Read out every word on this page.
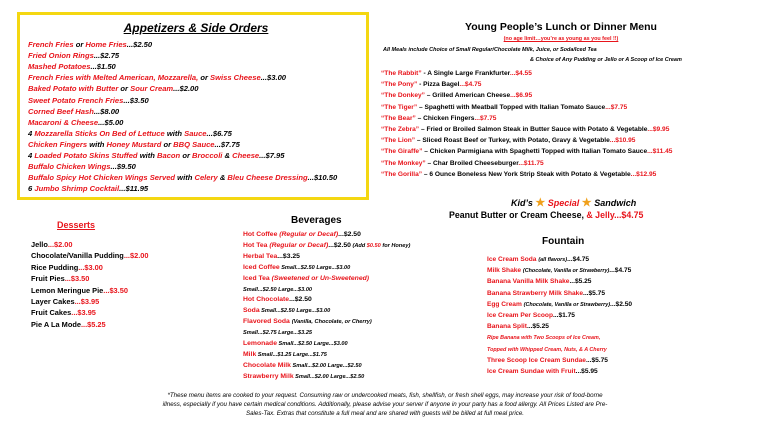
Appetizers & Side Orders
French Fries or Home Fries...$2.50
Fried Onion Rings...$2.75
Mashed Potatoes...$1.50
French Fries with Melted American, Mozzarella, or Swiss Cheese...$3.00
Baked Potato with Butter or Sour Cream...$2.00
Sweet Potato French Fries...$3.50
Corned Beef Hash...$8.00
Macaroni & Cheese...$5.00
4 Mozzarella Sticks On Bed of Lettuce with Sauce...$6.75
Chicken Fingers with Honey Mustard or BBQ Sauce...$7.75
4 Loaded Potato Skins Stuffed with Bacon or Broccoli & Cheese...$7.95
Buffalo Chicken Wings...$9.50
Buffalo Spicy Hot Chicken Wings Served with Celery & Bleu Cheese Dressing...$10.50
6 Jumbo Shrimp Cocktail...$11.95
Young People’s Lunch or Dinner Menu
(no age limit…you’re as young as you feel !!)
All Meals include Choice of Small Regular/Chocolate Milk, Juice, or Soda/Iced Tea
& Choice of Any Pudding or Jello or A Scoop of Ice Cream
“The Rabbit” - A Single Large Frankfurter...$4.55
“The Pony” - Pizza Bagel...$4.75
“The Donkey” – Grilled American Cheese...$6.95
“The Tiger” – Spaghetti with Meatball Topped with Italian Tomato Sauce...$7.75
“The Bear” – Chicken Fingers...$7.75
“The Zebra” – Fried or Broiled Salmon Steak in Butter Sauce with Potato & Vegetable...$9.95
“The Lion” – Sliced Roast Beef or Turkey, with Potato, Gravy & Vegetable...$10.95
“The Giraffe” – Chicken Parmigiana with Spaghetti Topped with Italian Tomato Sauce...$11.45
“The Monkey” – Char Broiled Cheeseburger...$11.75
“The Gorilla” – 6 Ounce Boneless New York Strip Steak with Potato & Vegetable...$12.95
Kid’s ★ Special ★ Sandwich
Peanut Butter or Cream Cheese, & Jelly...$4.75
Desserts
Jello...$2.00
Chocolate/Vanilla Pudding...$2.00
Rice Pudding...$3.00
Fruit Pies...$3.50
Lemon Meringue Pie...$3.50
Layer Cakes...$3.95
Fruit Cakes...$3.95
Pie A La Mode...$5.25
Beverages
Hot Coffee (Regular or Decaf)...$2.50
Hot Tea (Regular or Decaf)...$2.50 (Add $0.50 for Honey)
Herbal Tea...$3.25
Iced Coffee Small...$2.50 Large...$3.00
Iced Tea (Sweetened or Un-Sweetened)
Small...$2.50 Large...$3.00
Hot Chocolate...$2.50
Soda Small...$2.50 Large...$3.00
Flavored Soda (Vanilla, Chocolate, or Cherry)
Small...$2.75 Large...$3.25
Lemonade Small...$2.50 Large...$3.00
Milk Small...$1.25 Large...$1.75
Chocolate Milk Small...$2.00 Large...$2.50
Strawberry Milk Small...$2.00 Large...$2.50
Fountain
Ice Cream Soda (all flavors)...$4.75
Milk Shake (Chocolate, Vanilla or Strawberry)...$4.75
Banana Vanilla Milk Shake...$5.25
Banana Strawberry Milk Shake...$5.75
Egg Cream (Chocolate, Vanilla or Strawberry)...$2.50
Ice Cream Per Scoop...$1.75
Banana Split...$5.25
Ripe Banana with Two Scoops of Ice Cream,
Topped with Whipped Cream, Nuts, & A Cherry
Three Scoop Ice Cream Sundae...$5.75
Ice Cream Sundae with Fruit...$5.95
*These menu items are cooked to your request. Consuming raw or undercooked meats, fish, shellfish, or fresh shell eggs, may increase your risk of food-borne
illness, especially if you have certain medical conditions. Additionally, please advise your server if anyone in your party has a food allergy. All Prices Listed are Pre-
Sales-Tax. Extras that constitute a full meal and are shared with guests will be billed at full meal price.
